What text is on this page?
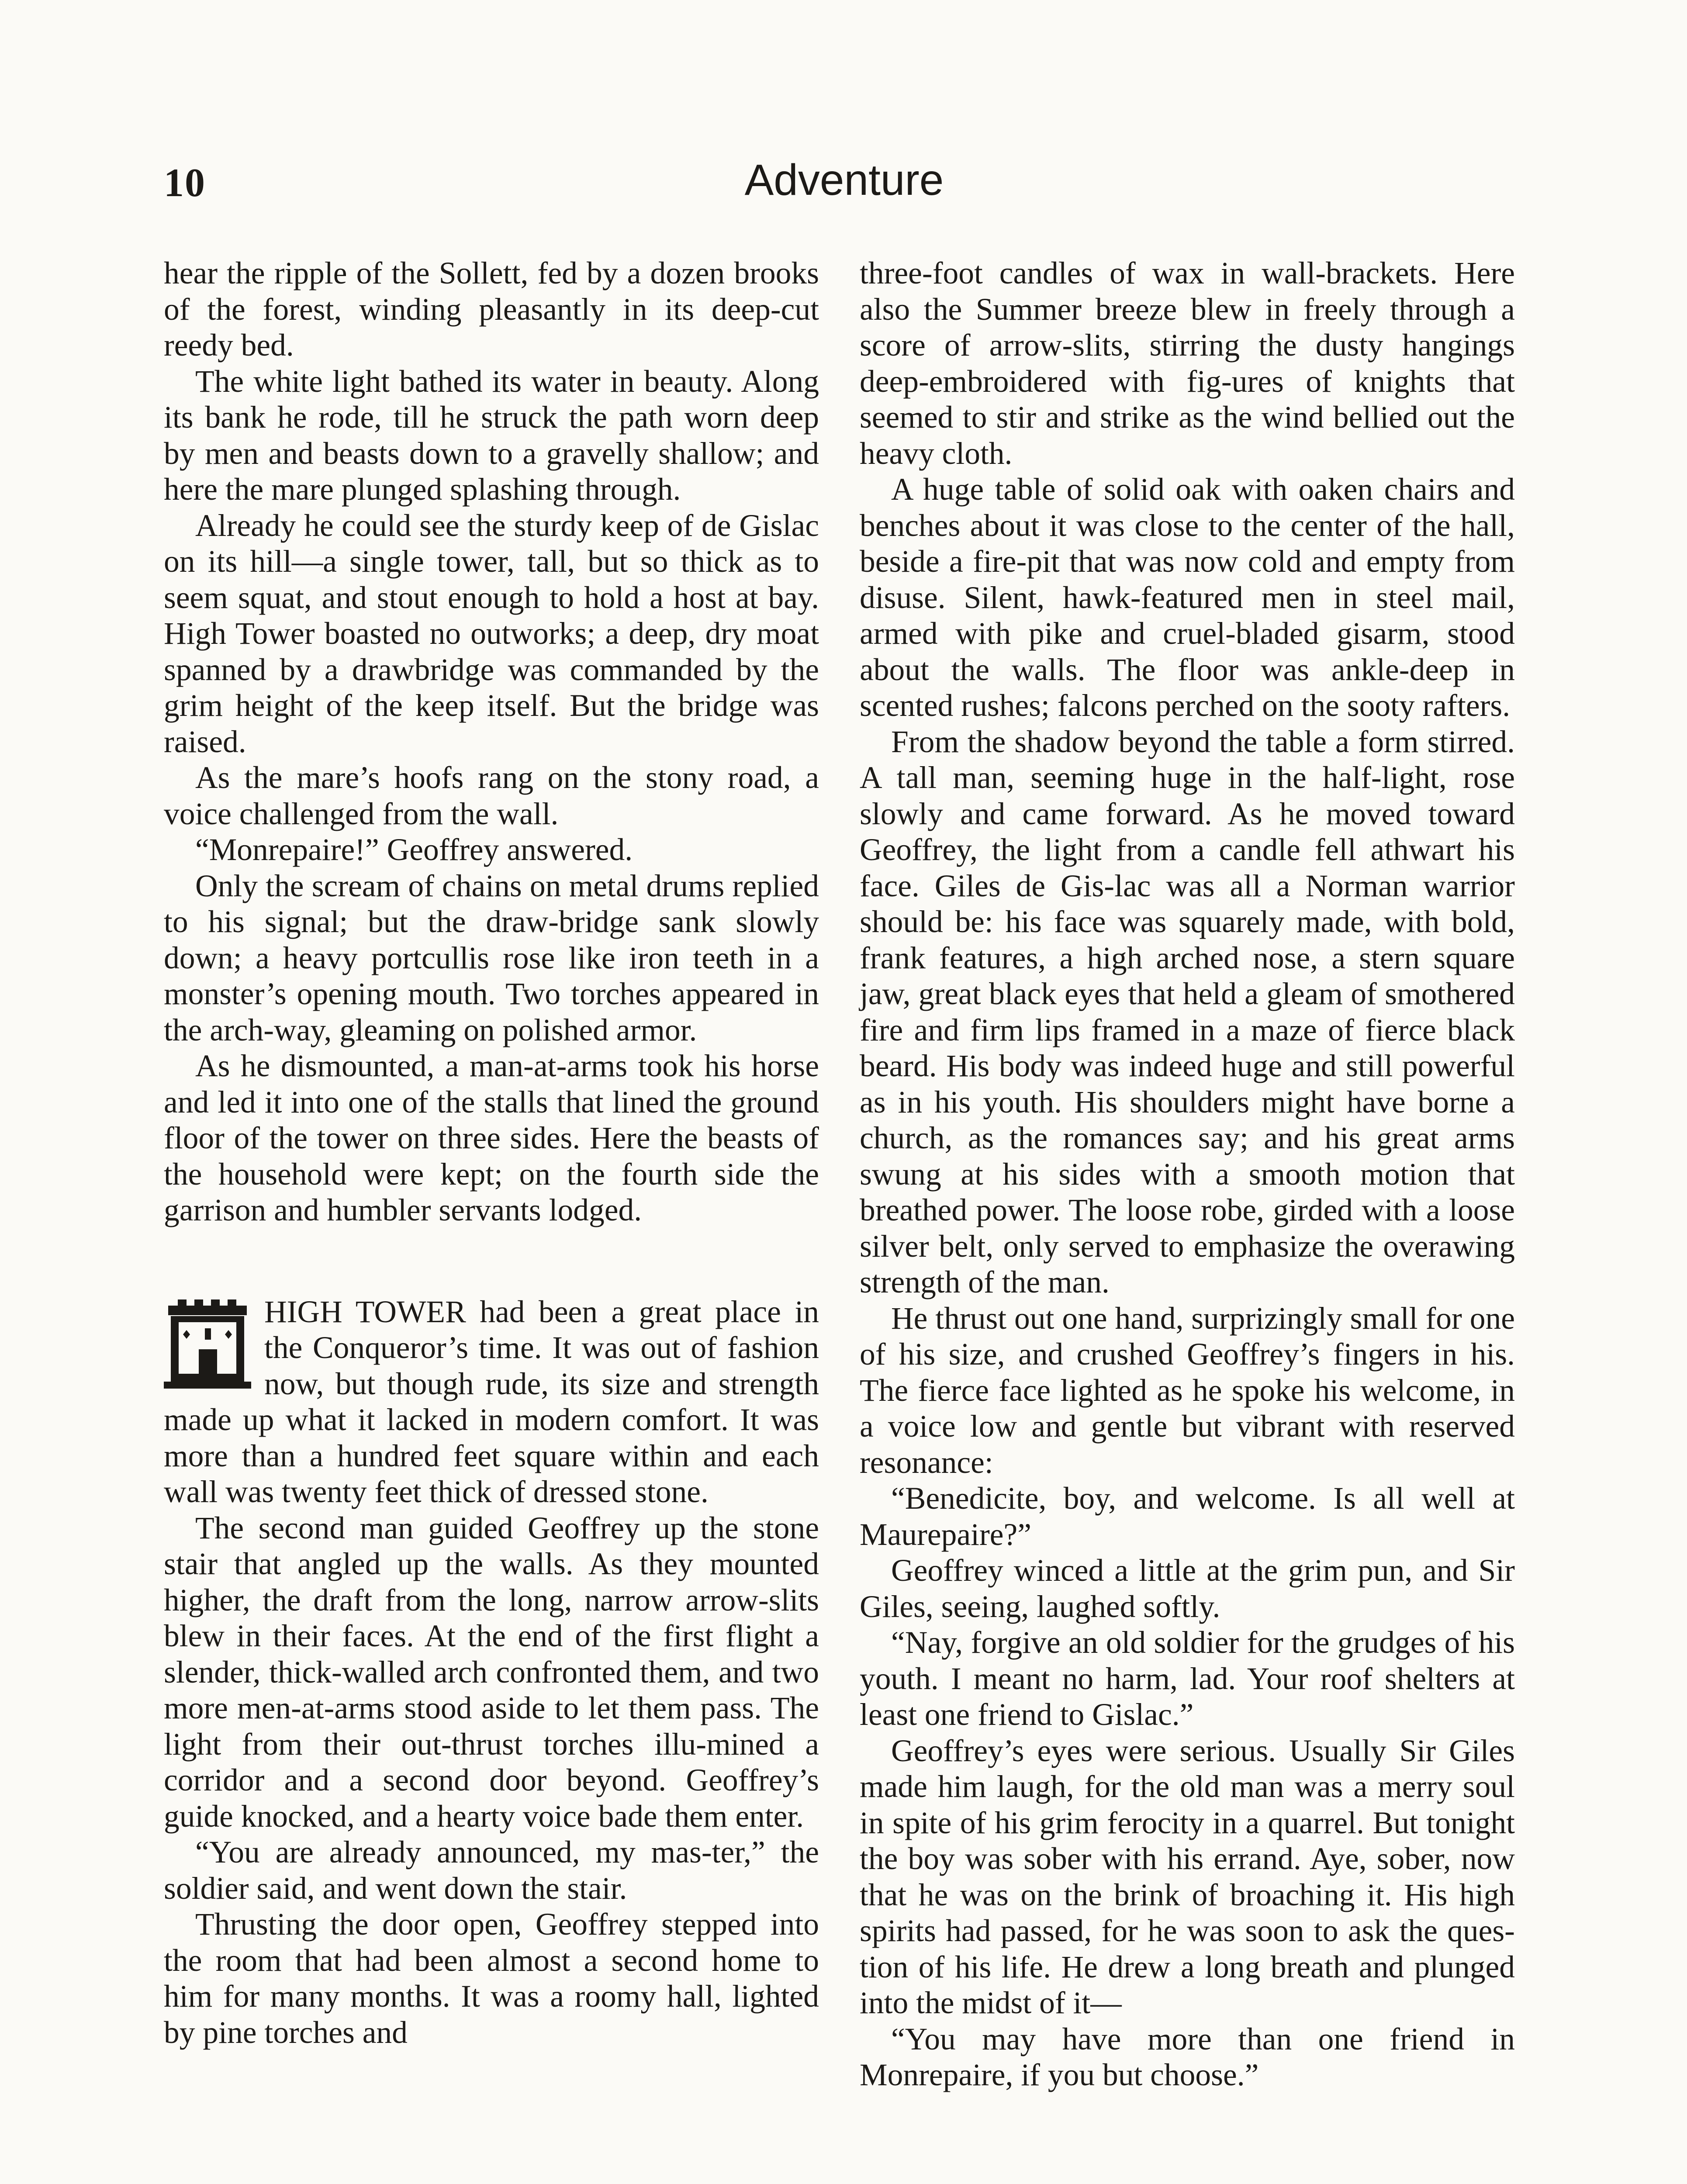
10	Adventure

hear the ripple of the Sollett, fed by a dozen brooks of the forest, winding pleasantly in its deep-cut reedy bed.

The white light bathed its water in beauty. Along its bank he rode, till he struck the path worn deep by men and beasts down to a gravelly shallow; and here the mare plunged splashing through.

Already he could see the sturdy keep of de Gislac on its hill—a single tower, tall, but so thick as to seem squat, and stout enough to hold a host at bay. High Tower boasted no outworks; a deep, dry moat spanned by a drawbridge was commanded by the grim height of the keep itself. But the bridge was raised.

As the mare’s hoofs rang on the stony road, a voice challenged from the wall.

“Monrepaire!” Geoffrey answered.

Only the scream of chains on metal drums replied to his signal; but the draw-bridge sank slowly down; a heavy portcullis rose like iron teeth in a monster’s opening mouth. Two torches appeared in the arch-way, gleaming on polished armor.

As he dismounted, a man-at-arms took his horse and led it into one of the stalls that lined the ground floor of the tower on three sides. Here the beasts of the household were kept; on the fourth side the garrison and humbler servants lodged.

HIGH TOWER had been a great place in the Conqueror’s time. It was out of fashion now, but though rude, its size and strength made up what it lacked in modern comfort. It was more than a hundred feet square within and each wall was twenty feet thick of dressed stone.

The second man guided Geoffrey up the stone stair that angled up the walls. As they mounted higher, the draft from the long, narrow arrow-slits blew in their faces. At the end of the first flight a slender, thick-walled arch confronted them, and two more men-at-arms stood aside to let them pass. The light from their out-thrust torches illu-mined a corridor and a second door beyond. Geoffrey’s guide knocked, and a hearty voice bade them enter.

“You are already announced, my mas-ter,” the soldier said, and went down the stair.

Thrusting the door open, Geoffrey stepped into the room that had been almost a second home to him for many months. It was a roomy hall, lighted by pine torches and

three-foot candles of wax in wall-brackets. Here also the Summer breeze blew in freely through a score of arrow-slits, stirring the dusty hangings deep-embroidered with fig-ures of knights that seemed to stir and strike as the wind bellied out the heavy cloth.

A huge table of solid oak with oaken chairs and benches about it was close to the center of the hall, beside a fire-pit that was now cold and empty from disuse. Silent, hawk-featured men in steel mail, armed with pike and cruel-bladed gisarm, stood about the walls. The floor was ankle-deep in scented rushes; falcons perched on the sooty rafters.

From the shadow beyond the table a form stirred. A tall man, seeming huge in the half-light, rose slowly and came forward. As he moved toward Geoffrey, the light from a candle fell athwart his face. Giles de Gis-lac was all a Norman warrior should be: his face was squarely made, with bold, frank features, a high arched nose, a stern square jaw, great black eyes that held a gleam of smothered fire and firm lips framed in a maze of fierce black beard. His body was indeed huge and still powerful as in his youth. His shoulders might have borne a church, as the romances say; and his great arms swung at his sides with a smooth motion that breathed power. The loose robe, girded with a loose silver belt, only served to emphasize the overawing strength of the man.

He thrust out one hand, surprizingly small for one of his size, and crushed Geoffrey’s fingers in his. The fierce face lighted as he spoke his welcome, in a voice low and gentle but vibrant with reserved resonance:

“Benedicite, boy, and welcome. Is all well at Maurepaire?”

Geoffrey winced a little at the grim pun, and Sir Giles, seeing, laughed softly.

“Nay, forgive an old soldier for the grudges of his youth. I meant no harm, lad. Your roof shelters at least one friend to Gislac.”

Geoffrey’s eyes were serious. Usually Sir Giles made him laugh, for the old man was a merry soul in spite of his grim ferocity in a quarrel. But tonight the boy was sober with his errand. Aye, sober, now that he was on the brink of broaching it. His high spirits had passed, for he was soon to ask the ques-tion of his life. He drew a long breath and plunged into the midst of it—

“You may have more than one friend in Monrepaire, if you but choose.”
